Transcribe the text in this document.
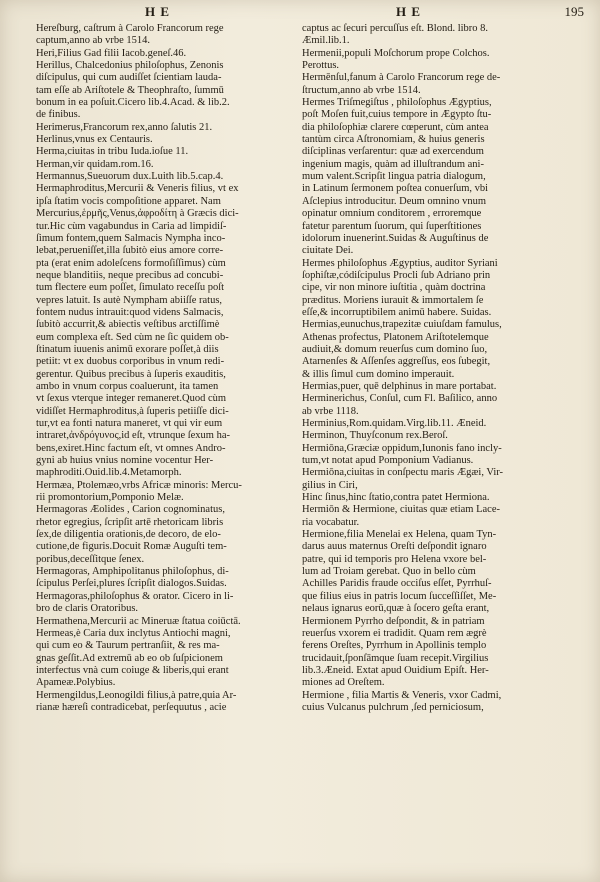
H E	H E	195
Hereſburg, caſtrum à Carolo Francorum rege
captum,anno ab vrbe 1514.
Heri,Filius Gad filii Iacob.geneſ.46.
Herillus, Chalcedonius philoſophus, Zenonis
diſcipulus, qui cum audiſſet ſcientiam lauda-
tam eſſe ab Ariſtotele & Theophraſto, ſummū
bonum in ea poſuit.Cicero lib.4.Acad. & lib.2.
de finibus.
Herimerus,Francorum rex,anno ſalutis 21.
Herlinus,vnus ex Centauris.
Herma,ciuitas in tribu Iuda.ioſue 11.
Herman,vir quidam.rom.16.
Hermannus,Sueuorum dux.Luith lib.5.cap.4.
Hermaphroditus,Mercurii & Veneris filius, vt ex
ipſa ſtatim vocis compoſitione apparet. Nam
Mercurius,ἑρμῆς,Venus,ἀφροδίτη à Græcis dici-
tur.Hic cùm vagabundus in Caria ad limpidiſ-
ſimum fontem,quem Salmacis Nympha inco-
lebat,perueniſſet,illa ſubitò eius amore corre-
pta (erat enim adoleſcens formoſiſſimus) cùm
neque blanditiis, neque precibus ad concubi-
tum flectere eum poſſet, ſimulato receſſu poſt
vepres latuit. Is autè Nympham abiiſſe ratus,
fontem nudus intrauit:quod videns Salmacis,
ſubitò accurrit,& abiectis veſtibus arctiſſimè
eum complexa eſt. Sed cùm ne ſic quidem ob-
ſtinatum iuuenis animū exorare poſſet,à diis
petiit: vt ex duobus corporibus in vnum redi-
gerentur. Quibus precibus à ſuperis exauditis,
ambo in vnum corpus coaluerunt, ita tamen
vt ſexus vterque integer remaneret.Quod cùm
vidiſſet Hermaphroditus,à ſuperis petiiſſe dici-
tur,vt ea fonti natura maneret, vt qui vir eum
intraret,ἀνδρόγυνος,id eſt, vtrunque ſexum ha-
bens,exiret.Hinc factum eſt, vt omnes Andro-
gyni ab huius vnius nomine vocentur Her-
maphroditi.Ouid.lib.4.Metamorph.
Hermæa, Ptolemæo,vrbs Africæ minoris: Mercu-
rii promontorium,Pomponio Melæ.
Hermagoras Æolides , Carion cognominatus,
rhetor egregius, ſcripſit artē rhetoricam libris
ſex,de diligentia orationis,de decoro, de elo-
cutione,de figuris.Docuit Romæ Auguſti tem-
poribus,deceſſitque ſenex.
Hermagoras, Amphipolitanus philoſophus, di-
ſcipulus Perſei,plures ſcripſit dialogos.Suidas.
Hermagoras,philoſophus & orator. Cicero in li-
bro de claris Oratoribus.
Hermathena,Mercurii ac Mineruæ ſtatua coiūctā.
Hermeas,è Caria dux inclytus Antiochi magni,
qui cum eo & Taurum pertranſiit, & res ma-
gnas geſſit.Ad extremū ab eo ob ſuſpicionem
interfectus vnà cum coiuge & liberis,qui erant
Apameæ.Polybius.
Hermengildus,Leonogildi filius,à patre,quia Ar-
rianæ hæreſi contradicebat, perſequutus , acie
captus ac ſecuri percuſſus eſt. Blond. libro 8.
Æmil.lib.1.
Hermenii,populi Moſchorum prope Colchos.
Perottus.
Hermēnſul,fanum à Carolo Francorum rege de-
ſtructum,anno ab vrbe 1514.
Hermes Triſmegiſtus , philoſophus Ægyptius,
poſt Moſen fuit,cuius tempore in Ægypto ſtu-
dia philoſophiæ clarere cœperunt, cùm antea
tantùm circa Aſtronomiam, & huius generis
diſciplinas verſarentur: quæ ad exercendum
ingenium magis, quàm ad illuſtrandum ani-
mum valent.Scripſit lingua patria dialogum,
in Latinum ſermonem poſtea conuerſum, vbi
Aſclepius introducitur. Deum omnino vnum
opinatur omnium conditorem , erroremque
fatetur parentum ſuorum, qui ſuperſtitiones
idolorum inuenerint.Suidas & Auguſtinus de
ciuitate Dei.
Hermes philoſophus Ægyptius, auditor Syriani
ſophiſtæ,códiſcipulus Procli ſub Adriano prin
cipe, vir non minore iuſtitia , quàm doctrina
præditus. Moriens iurauit & immortalem ſe
eſſe,& incorruptibilem animū habere. Suidas.
Hermias,eunuchus,trapezitæ cuiuſdam famulus,
Athenas profectus, Platonem Ariſtotelemque
audiuit,& domum reuerſus cum domino ſuo,
Atarnenſes & Aſſenſes aggreſſus, eos ſubegit,
& illis ſimul cum domino imperauit.
Hermias,puer, quē delphinus in mare portabat.
Herminerichus, Conſul, cum Fl. Baſilico, anno
ab vrbe 1118.
Herminius,Rom.quidam.Virg.lib.11. Æneid.
Herminon, Thuyſconum rex.Beroſ.
Hermiōna,Græciæ oppidum,Iunonis fano incly-
tum,vt notat apud Pomponium Vadianus.
Hermiōna,ciuitas in conſpectu maris Ægæi, Vir-
gilius in Ciri,
Hinc ſinus,hinc ſtatio,contra patet Hermiona.
Hermiōn & Hermione, ciuitas quæ etiam Lace-
ria vocabatur.
Hermione,filia Menelai ex Helena, quam Tyn-
darus auus maternus Oreſti deſpondit ignaro
patre, qui id temporis pro Helena vxore bel-
lum ad Troiam gerebat. Quo in bello cùm
Achilles Paridis fraude occiſus eſſet, Pyrrhuſ-
que filius eius in patris locum ſucceſſiſſet, Me-
nelaus ignarus eorū,quæ à ſocero geſta erant,
Hermionem Pyrrho deſpondit, & in patriam
reuerſus vxorem ei tradidit. Quam rem ægrè
ferens Oreſtes, Pyrrhum in Apollinis templo
trucidauit,ſponſāmque ſuam recepit.Virgilius
lib.3.Æneid. Extat apud Ouidium Epiſt. Her-
miones ad Oreſtem.
Hermione , filia Martis & Veneris, vxor Cadmi,
cuius Vulcanus pulchrum ,ſed perniciosum,
